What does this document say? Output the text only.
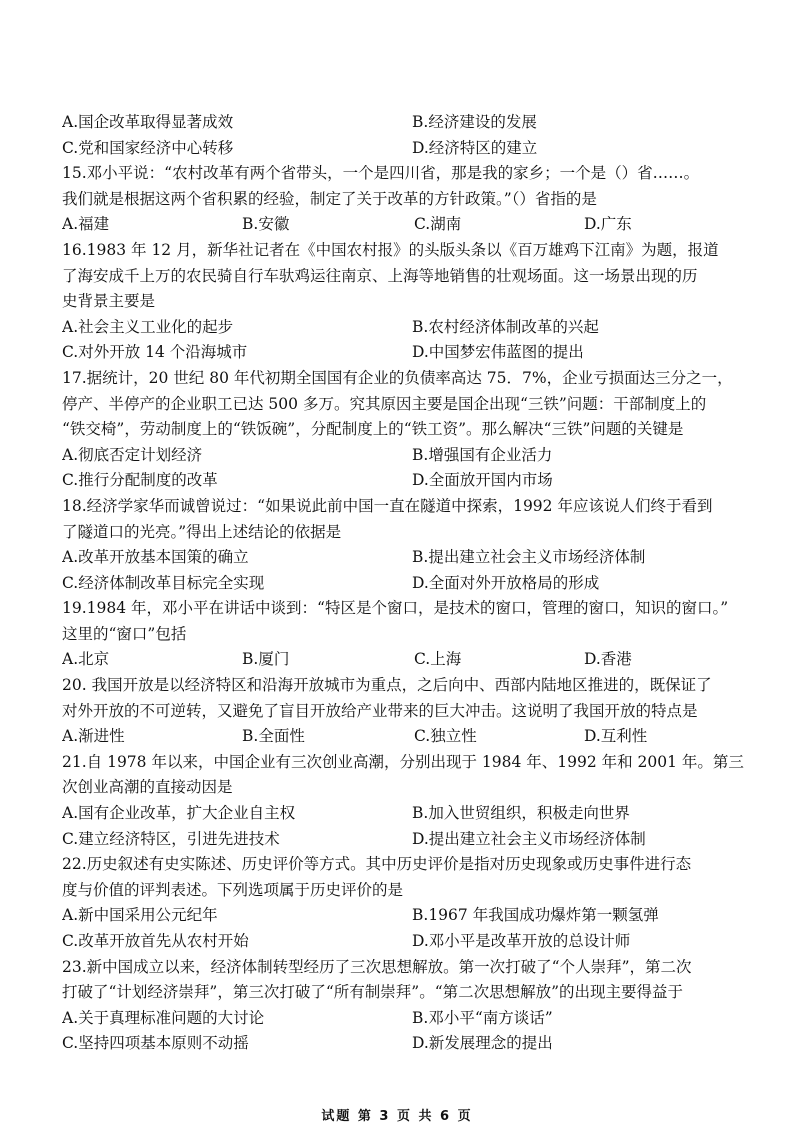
A.国企改革取得显著成效	B.经济建设的发展
C.党和国家经济中心转移	D.经济特区的建立
15.邓小平说：“农村改革有两个省带头，一个是四川省，那是我的家乡；一个是（）省……。
我们就是根据这两个省积累的经验，制定了关于改革的方针政策。”（）省指的是
A.福建	B.安徽	C.湖南	D.广东
16.1983 年 12 月，新华社记者在《中国农村报》的头版头条以《百万雄鸡下江南》为题，报道
了海安成千上万的农民骑自行车驮鸡运往南京、上海等地销售的壮观场面。这一场景出现的历
史背景主要是
A.社会主义工业化的起步	B.农村经济体制改革的兴起
C.对外开放 14 个沿海城市	D.中国梦宏伟蓝图的提出
17.据统计，20 世纪 80 年代初期全国国有企业的负债率高达 75．7%，企业亏损面达三分之一，
停产、半停产的企业职工已达 500 多万。究其原因主要是国企出现“三铁”问题：干部制度上的
“铁交椅”，劳动制度上的“铁饭碗”，分配制度上的“铁工资”。那么解决“三铁”问题的关键是
A.彻底否定计划经济	B.增强国有企业活力
C.推行分配制度的改革	D.全面放开国内市场
18.经济学家华而诚曾说过：“如果说此前中国一直在隧道中探索，1992 年应该说人们终于看到
了隧道口的光亮。”得出上述结论的依据是
A.改革开放基本国策的确立	B.提出建立社会主义市场经济体制
C.经济体制改革目标完全实现	D.全面对外开放格局的形成
19.1984 年，邓小平在讲话中谈到：“特区是个窗口，是技术的窗口，管理的窗口，知识的窗口。”
这里的“窗口”包括
A.北京	B.厦门	C.上海	D.香港
20. 我国开放是以经济特区和沿海开放城市为重点，之后向中、西部内陆地区推进的，既保证了
对外开放的不可逆转，又避免了盲目开放给产业带来的巨大冲击。这说明了我国开放的特点是
A.渐进性	B.全面性	C.独立性	D.互利性
21.自 1978 年以来，中国企业有三次创业高潮，分别出现于 1984 年、1992 年和 2001 年。第三
次创业高潮的直接动因是
A.国有企业改革，扩大企业自主权	B.加入世贸组织，积极走向世界
C.建立经济特区，引进先进技术	D.提出建立社会主义市场经济体制
22.历史叙述有史实陈述、历史评价等方式。其中历史评价是指对历史现象或历史事件进行态
度与价值的评判表述。下列选项属于历史评价的是
A.新中国采用公元纪年	B.1967 年我国成功爆炸第一颗氢弹
C.改革开放首先从农村开始	D.邓小平是改革开放的总设计师
23.新中国成立以来，经济体制转型经历了三次思想解放。第一次打破了“个人崇拜”，第二次
打破了“计划经济崇拜”，第三次打破了“所有制崇拜”。“第二次思想解放”的出现主要得益于
A.关于真理标准问题的大讨论	B.邓小平“南方谈话”
C.坚持四项基本原则不动摇	D.新发展理念的提出
试题 第 3 页 共 6 页
